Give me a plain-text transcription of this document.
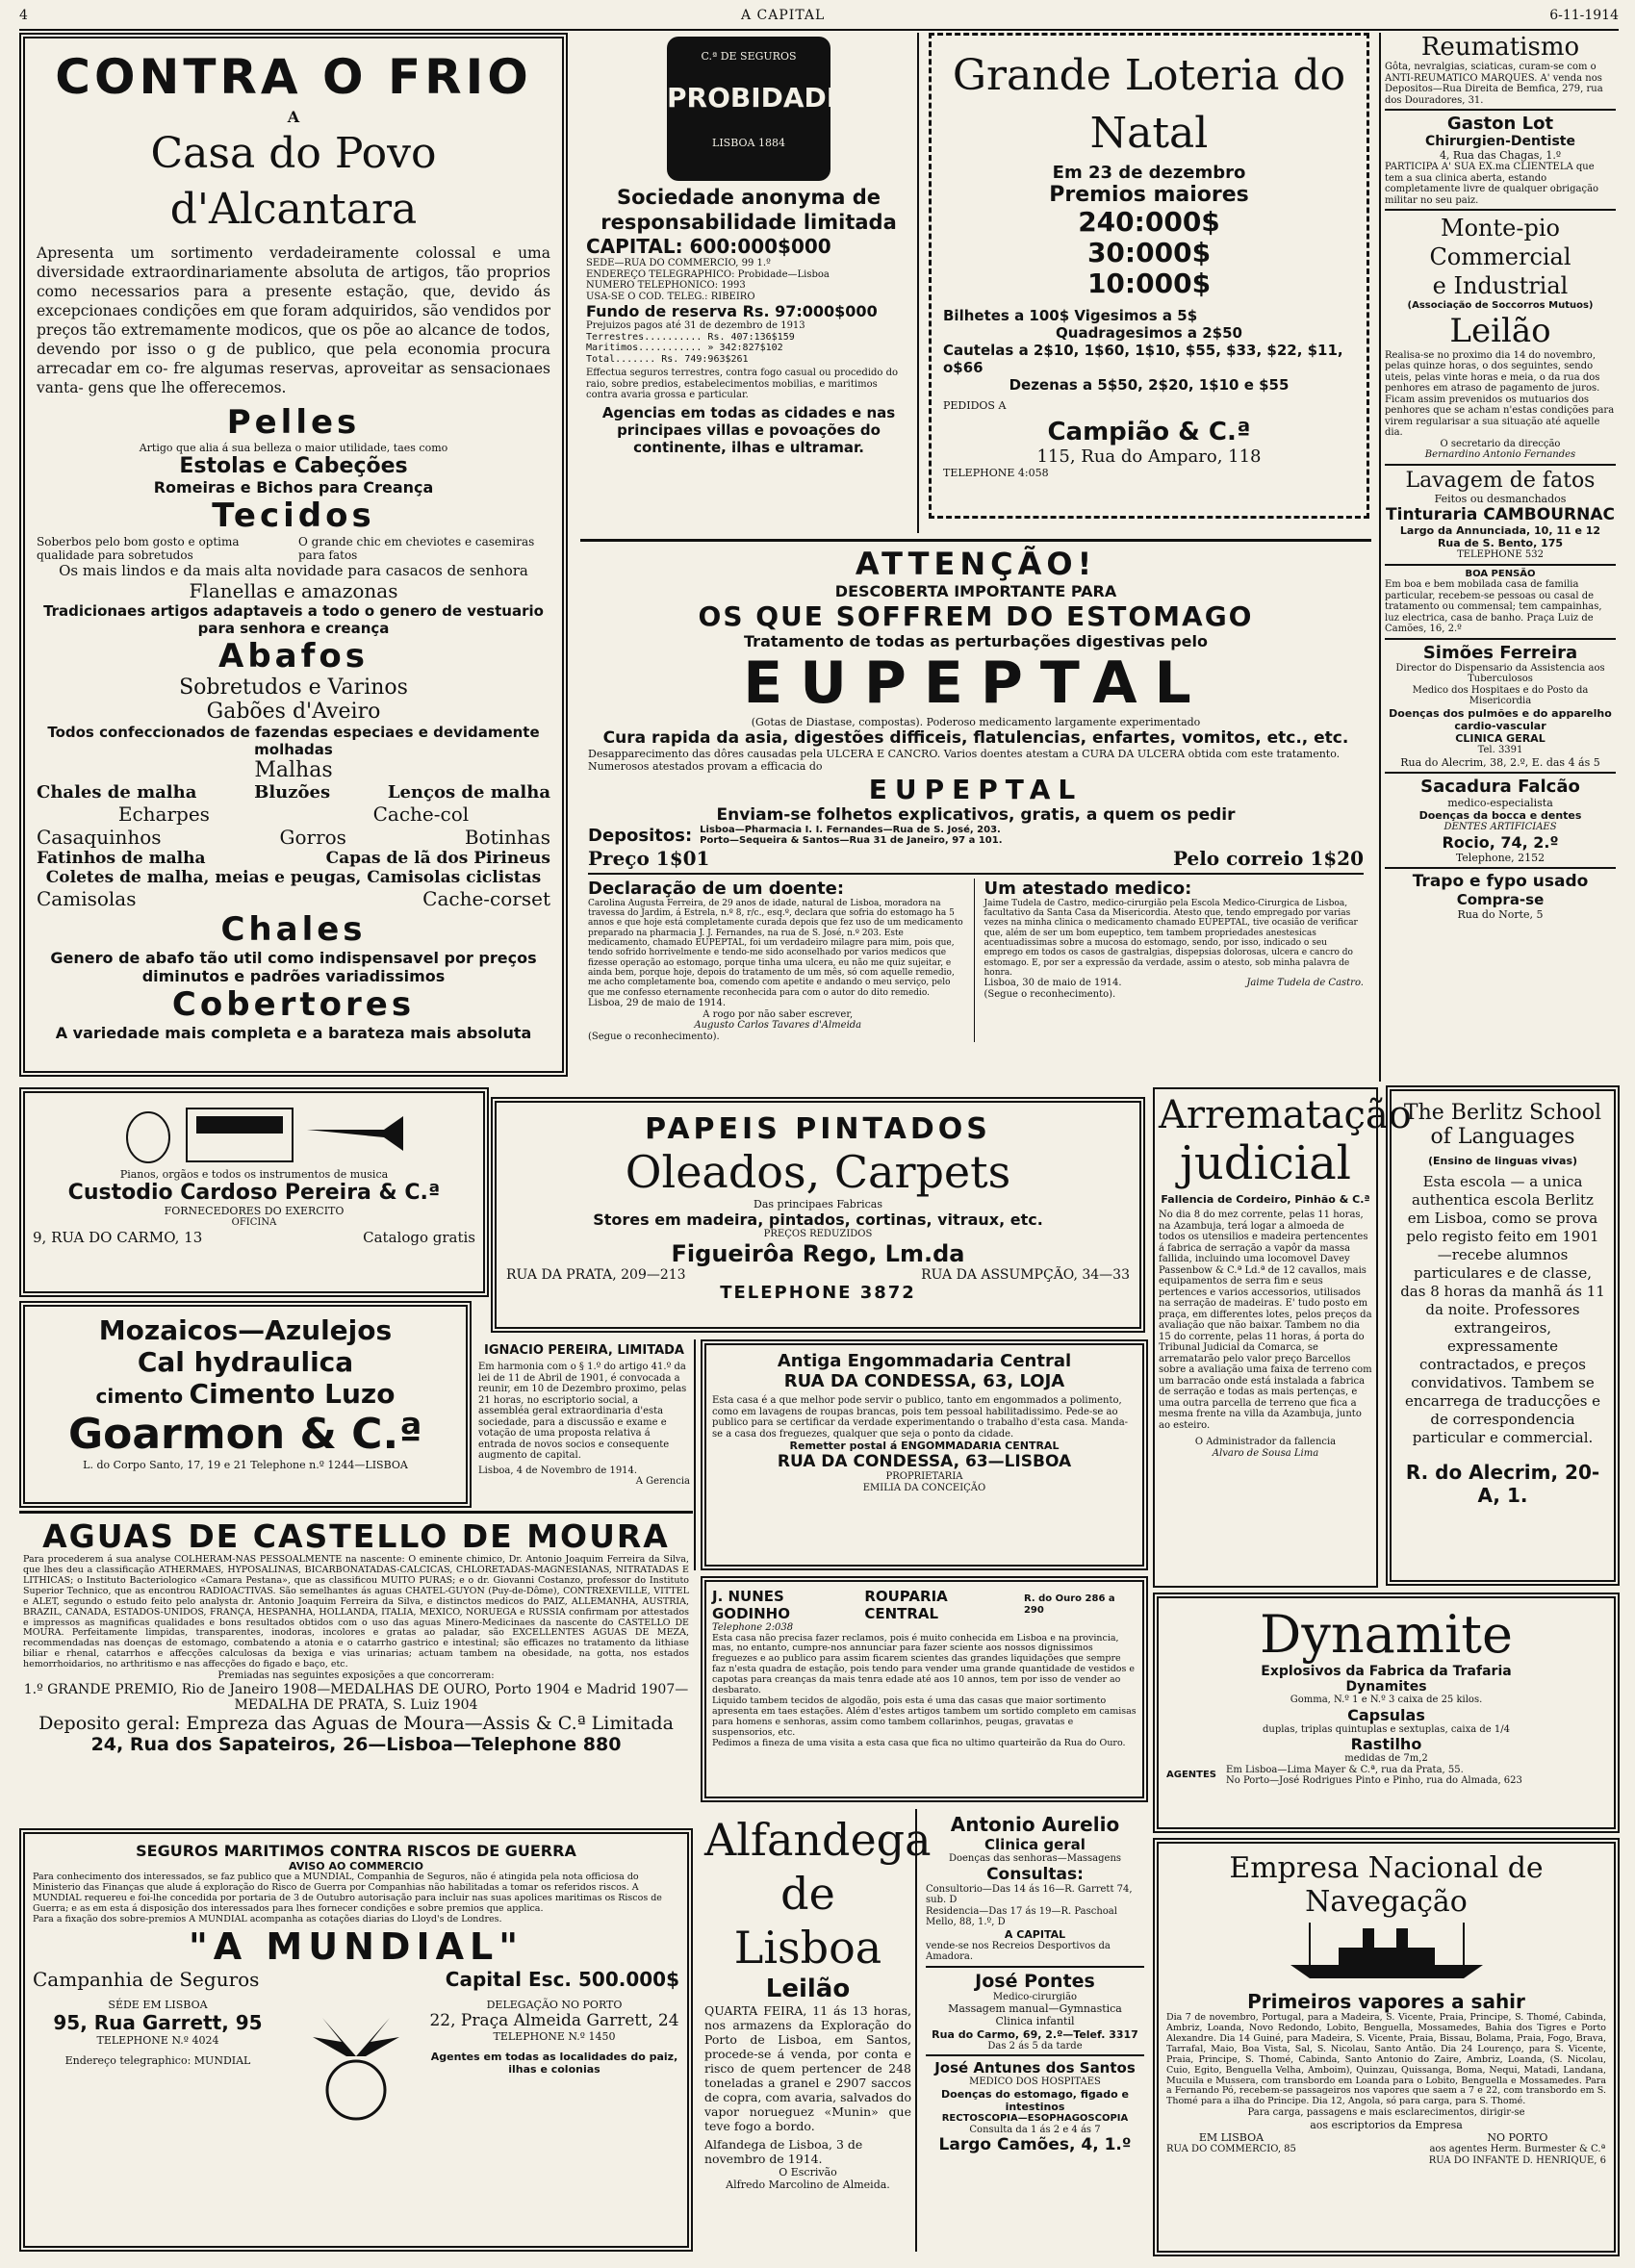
4	A CAPITAL	6-11-1914
CONTRA O FRIO
A
Casa do Povo d'Alcantara

Apresenta um sortimento verdadeiramente colossal e uma diversidade extraordinariamente absoluta de artigos, tão proprios como necessarios para a presente estação, que, devido ás excepcionaes condições em que foram adquiridos, são vendidos por preços tão extremamente modicos, que os põe ao alcance de todos, devendo por isso o g de publico, que pela economia procura arrecadar em co- fre algumas reservas, aproveitar as sensacionaes vanta- gens que lhe offerecemos.

Pelles
Artigo que alia á sua belleza o maior utilidade, taes como
Estolas e Cabeções
Romeiras e Bichos para Creança
Tecidos
Soberbos pelo bom gosto e optima qualidade para sobretudos
O grande chic em cheviotes e casemiras para fatos
Os mais lindos e da mais alta novidade para casacos de senhora
Flanellas e amazonas
Tradicionaes artigos adaptaveis a todo o genero de vestuario para senhora e creança
Abafos
Sobretudos e Varinos
Gabões d'Aveiro
Todos confeccionados de fazendas especiaes e devidamente molhadas
Malhas
Chales de malha	Bluzões	Lenços de malha
Echarpes	Cache-col
Casaquinhos	Gorros	Botinhas
Fatinhos de malha	Capas de lã dos Pirineus
Coletes de malha, meias e peugas, Camisolas ciclistas
Camisolas	Cache-corset
Chales
Genero de abafo tão util como indispensavel por preços diminutos e padrões variadissimos
Cobertores
A variedade mais completa e a barateza mais absoluta
C.ª DE SEGUROS
PROBIDADE
LISBOA 1884
Sociedade anonyma de responsabilidade limitada
CAPITAL: 600:000$000
SEDE—RUA DO COMMERCIO, 99 1.º
ENDEREÇO TELEGRAPHICO: Probidade—Lisboa
NUMERO TELEPHONICO: 1993
USA-SE O COD. TELEG.: RIBEIRO
Fundo de reserva Rs. 97:000$000
Prejuizos pagos até 31 de dezembro de 1913
Terrestres.......... Rs. 407:136$159
Maritimos........... » 342:827$102
Total....... Rs. 749:963$261
Effectua seguros terrestres, contra fogo casual ou procedido do raio, sobre predios, estabelecimentos mobilias, e maritimos contra avaria grossa e particular.
Agencias em todas as cidades e nas principaes villas e povoações do continente, ilhas e ultramar.
Grande Loteria do Natal
Em 23 de dezembro
Premios maiores
240:000$
30:000$
10:000$
Bilhetes a 100$ Vigesimos a 5$
Quadragesimos a 2$50
Cautelas a 2$10, 1$60, 1$10, $55, $33, $22, $11, o$66
Dezenas a 5$50, 2$20, 1$10 e $55
PEDIDOS A
Campião & C.ª
115, Rua do Amparo, 118
TELEPHONE 4:058
Reumatismo
Gôta, nevralgias, sciaticas, curam-se com o ANTI-REUMATICO MARQUES. A' venda nos Depositos—Rua Direita de Bemfica, 279, rua dos Douradores, 31.
Gaston Lot
Chirurgien-Dentiste
4, Rua das Chagas, 1.º
PARTICIPA A' SUA EX.ma CLIENTELA que tem a sua clinica aberta, estando completamente livre de qualquer obrigação militar no seu paiz.
Monte-pio Commercial
e Industrial
(Associação de Soccorros Mutuos)
Leilão
Realisa-se no proximo dia 14 do novembro, pelas quinze horas, o dos seguintes, sendo uteis, pelas vinte horas e meia, o da rua dos penhores em atraso de pagamento de juros. Ficam assim prevenidos os mutuarios dos penhores que se acham n'estas condições para virem regularisar a sua situação até aquelle dia.
O secretario da direcção
Bernardino Antonio Fernandes
Lavagem de fatos
Feitos ou desmanchados
Tinturaria CAMBOURNAC
Largo da Annunciada, 10, 11 e 12
Rua de S. Bento, 175
TELEPHONE 532
BOA PENSÃO
Em boa e bem mobilada casa de familia particular, recebem-se pessoas ou casal de tratamento ou commensal; tem campainhas, luz electrica, casa de banho. Praça Luiz de Camões, 16, 2.º
Simões Ferreira
Director do Dispensario da Assistencia aos Tuberculosos
Medico dos Hospitaes e do Posto da Misericordia
Doenças dos pulmões e do apparelho cardio-vascular
CLINICA GERAL
Tel. 3391
Rua do Alecrim, 38, 2.º, E. das 4 ás 5
Sacadura Falcão
medico-especialista
Doenças da bocca e dentes
DENTES ARTIFICIAES
Rocio, 74, 2.º
Telephone, 2152
Trapo e fypo usado
Compra-se
Rua do Norte, 5
ATTENÇÃO!
DESCOBERTA IMPORTANTE PARA
OS QUE SOFFREM DO ESTOMAGO
Tratamento de todas as perturbações digestivas pelo
EUPEPTAL
(Gotas de Diastase, compostas). Poderoso medicamento largamente experimentado
Cura rapida da asia, digestões difficeis, flatulencias, enfartes, vomitos, etc., etc.
Desapparecimento das dôres causadas pela ULCERA E CANCRO. Varios doentes atestam a CURA DA ULCERA obtida com este tratamento. Numerosos atestados provam a efficacia do
EUPEPTAL
Enviam-se folhetos explicativos, gratis, a quem os pedir
Depositos: Lisboa—Pharmacia I. I. Fernandes—Rua de S. José, 203.
Porto—Sequeira & Santos—Rua 31 de Janeiro, 97 a 101.
Preço 1$01	Pelo correio 1$20
Declaração de um doente:
Carolina Augusta Ferreira, de 29 anos de idade, natural de Lisboa, moradora na travessa do Jardim, á Estrela, n.º 8, r/c., esq.º, declara que sofria do estomago ha 5 annos e que hoje está completamente curada depois que fez uso de um medicamento preparado na pharmacia J. J. Fernandes, na rua de S. José, n.º 203. Este medicamento, chamado EUPEPTAL, foi um verdadeiro milagre para mim, pois que, tendo sofrido horrivelmente e tendo-me sido aconselhado por varios medicos que fizesse operação ao estomago, porque tinha uma ulcera, eu não me quiz sujeitar, e ainda bem, porque hoje, depois do tratamento de um mês, só com aquelle remedio, me acho completamente boa, comendo com apetite e andando o meu serviço, pelo que me confesso eternamente reconhecida para com o autor do dito remedio.
Lisboa, 29 de maio de 1914.
A rogo por não saber escrever,
Augusto Carlos Tavares d'Almeida
(Segue o reconhecimento).
Um atestado medico:
Jaime Tudela de Castro, medico-cirurgião pela Escola Medico-Cirurgica de Lisboa, facultativo da Santa Casa da Misericordia. Atesto que, tendo empregado por varias vezes na minha clinica o medicamento chamado EUPEPTAL, tive ocasião de verificar que, além de ser um bom eupeptico, tem tambem propriedades anestesicas acentuadissimas sobre a mucosa do estomago, sendo, por isso, indicado o seu emprego em todos os casos de gastralgias, dispepsias dolorosas, ulcera e cancro do estomago. E, por ser a expressão da verdade, assim o atesto, sob minha palavra de honra.
Lisboa, 30 de maio de 1914.	Jaime Tudela de Castro.
(Segue o reconhecimento).
Pianos, orgãos e todos os instrumentos de musica
Custodio Cardoso Pereira & C.ª
FORNECEDORES DO EXERCITO
OFICINA
9, RUA DO CARMO, 13	Catalogo gratis
PAPEIS PINTADOS
Oleados, Carpets
Das principaes Fabricas
Stores em madeira, pintados, cortinas, vitraux, etc.
PREÇOS REDUZIDOS
Figueirôa Rego, Lm.da
RUA DA PRATA, 209—213	RUA DA ASSUMPÇÃO, 34—33
TELEPHONE 3872
Arrematação
judicial
Fallencia de Cordeiro, Pinhão & C.ª
No dia 8 do mez corrente, pelas 11 horas, na Azambuja, terá logar a almoeda de todos os utensilios e madeira pertencentes á fabrica de serração a vapôr da massa fallida, incluindo uma locomovel Davey Passenbow & C.ª Ld.ª de 12 cavallos, mais equipamentos de serra fim e seus pertences e varios accessorios, utilisados na serração de madeiras. E' tudo posto em praça, em differentes lotes, pelos preços da avaliação que não baixar. Tambem no dia 15 do corrente, pelas 11 horas, á porta do Tribunal Judicial da Comarca, se arrematarão pelo valor preço Barcellos sobre a avaliação uma faixa de terreno com um barracão onde está instalada a fabrica de serração e todas as mais pertenças, e uma outra parcella de terreno que fica a mesma frente na villa da Azambuja, junto ao esteiro.
O Administrador da fallencia
Alvaro de Sousa Lima
The Berlitz School
of Languages
(Ensino de linguas vivas)
Esta escola — a unica authentica escola Berlitz em Lisboa, como se prova pelo registo feito em 1901—recebe alumnos particulares e de classe, das 8 horas da manhã ás 11 da noite. Professores extrangeiros, expressamente contractados, e preços convidativos. Tambem se encarrega de traducções e de correspondencia particular e commercial.
R. do Alecrim, 20-A, 1.
Mozaicos—Azulejos
Cal hydraulica
cimento Cimento Luzo
Goarmon & C.ª
L. do Corpo Santo, 17, 19 e 21 Telephone n.º 1244—LISBOA
IGNACIO PEREIRA, LIMITADA
Em harmonia com o § 1.º do artigo 41.º da lei de 11 de Abril de 1901, é convocada a reunir, em 10 de Dezembro proximo, pelas 21 horas, no escriptorio social, a assembléa geral extraordinaria d'esta sociedade, para a discussão e exame e votação de uma proposta relativa á entrada de novos socios e consequente augmento de capital.
Lisboa, 4 de Novembro de 1914.
A Gerencia
Antiga Engommadaria Central
RUA DA CONDESSA, 63, LOJA
Esta casa é a que melhor pode servir o publico, tanto em engommados a polimento, como em lavagens de roupas brancas, pois tem pessoal habilitadissimo. Pede-se ao publico para se certificar da verdade experimentando o trabalho d'esta casa. Manda-se a casa dos freguezes, qualquer que seja o ponto da cidade.
Remetter postal á ENGOMMADARIA CENTRAL
RUA DA CONDESSA, 63—LISBOA
PROPRIETARIA
EMILIA DA CONCEIÇÃO
AGUAS DE CASTELLO DE MOURA
Para procederem á sua analyse COLHERAM-NAS PESSOALMENTE na nascente: O eminente chimico, Dr. Antonio Joaquim Ferreira da Silva, que lhes deu a classificação ATHERMAES, HYPOSALINAS, BICARBONATADAS-CALCICAS, CHLORETADAS-MAGNESIANAS, NITRATADAS E LITHICAS; o Instituto Bacteriologico «Camara Pestana», que as classificou MUITO PURAS; e o dr. Giovanni Costanzo, professor do Instituto Superior Technico, que as encontrou RADIOACTIVAS. São semelhantes ás aguas CHATEL-GUYON (Puy-de-Dôme), CONTREXEVILLE, VITTEL e ALET, segundo o estudo feito pelo analysta dr. Antonio Joaquim Ferreira da Silva, e distinctos medicos do PAIZ, ALLEMANHA, AUSTRIA, BRAZIL, CANADA, ESTADOS-UNIDOS, FRANÇA, HESPANHA, HOLLANDA, ITALIA, MEXICO, NORUEGA e RUSSIA confirmam por attestados e impressos as magnificas qualidades e bons resultados obtidos com o uso das aguas Minero-Medicinaes da nascente do CASTELLO DE MOURA. Perfeitamente limpidas, transparentes, inodoras, incolores e gratas ao paladar, são EXCELLENTES AGUAS DE MEZA, recommendadas nas doenças de estomago, combatendo a atonia e o catarrho gastrico e intestinal; são efficazes no tratamento da lithiase biliar e rhenal, catarrhos e affecções calculosas da bexiga e vias urinarias; actuam tambem na obesidade, na gotta, nos estados hemorrhoidarios, no arthritismo e nas affecções do figado e baço, etc.
Premiadas nas seguintes exposições a que concorreram:
1.º GRANDE PREMIO, Rio de Janeiro 1908—MEDALHAS DE OURO, Porto 1904 e Madrid 1907—MEDALHA DE PRATA, S. Luiz 1904
Deposito geral: Empreza das Aguas de Moura—Assis & C.ª Limitada
24, Rua dos Sapateiros, 26—Lisboa—Telephone 880
J. NUNES GODINHO
ROUPARIA CENTRAL
R. do Ouro 286 a 290
Telephone 2:038
Esta casa não precisa fazer reclamos, pois é muito conhecida em Lisboa e na provincia, mas, no entanto, cumpre-nos annunciar para fazer sciente aos nossos dignissimos freguezes e ao publico para assim ficarem scientes das grandes liquidações que sempre faz n'esta quadra de estação, pois tendo para vender uma grande quantidade de vestidos e capotas para creanças da mais tenra edade até aos 10 annos, tem por isso de vender ao desbarato.
Liquido tambem tecidos de algodão, pois esta é uma das casas que maior sortimento apresenta em taes estações. Além d'estes artigos tambem um sortido completo em camisas para homens e senhoras, assim como tambem collarinhos, peugas, gravatas e suspensorios, etc.
Pedimos a fineza de uma visita a esta casa que fica no ultimo quarteirão da Rua do Ouro.
Dynamite
Explosivos da Fabrica da Trafaria
Dynamites
Gomma, N.º 1 e N.º 3 caixa de 25 kilos.
Capsulas
duplas, triplas quintuplas e sextuplas, caixa de 1/4
Rastilho
medidas de 7m,2
AGENTES
Em Lisboa—Lima Mayer & C.ª, rua da Prata, 55.
No Porto—José Rodrigues Pinto e Pinho, rua do Almada, 623
SEGUROS MARITIMOS CONTRA RISCOS DE GUERRA
AVISO AO COMMERCIO
Para conhecimento dos interessados, se faz publico que a MUNDIAL, Companhia de Seguros, não é atingida pela nota officiosa do Ministerio das Finanças que alude á exploração do Risco de Guerra por Companhias não habilitadas a tomar os referidos riscos. A MUNDIAL requereu e foi-lhe concedida por portaria de 3 de Outubro autorisação para incluir nas suas apolices maritimas os Riscos de Guerra; e as em esta á disposição dos interessados para lhes fornecer condições e sobre premios que applica.
Para a fixação dos sobre-premios A MUNDIAL acompanha as cotações diarias do Lloyd's de Londres.
"A MUNDIAL"
Campanhia de Seguros	Capital Esc. 500.000$
SÉDE EM LISBOA
95, Rua Garrett, 95
TELEPHONE N.º 4024
Endereço telegraphico: MUNDIAL
DELEGAÇÃO NO PORTO
22, Praça Almeida Garrett, 24
TELEPHONE N.º 1450
Agentes em todas as localidades do paiz, ilhas e colonias
Alfandega
de Lisboa
Leilão
QUARTA FEIRA, 11 ás 13 horas, nos armazens da Exploração do Porto de Lisboa, em Santos, procede-se á venda, por conta e risco de quem pertencer de 248 toneladas a granel e 2907 saccos de copra, com avaria, salvados do vapor norueguez «Munin» que teve fogo a bordo.
Alfandega de Lisboa, 3 de novembro de 1914.
O Escrivão
Alfredo Marcolino de Almeida.
Antonio Aurelio
Clinica geral
Doenças das senhoras—Massagens
Consultas:
Consultorio—Das 14 ás 16—R. Garrett 74, sub. D
Residencia—Das 17 ás 19—R. Paschoal Mello, 88, 1.º, D
A CAPITAL
vende-se nos Recreios Desportivos da Amadora.
José Pontes
Medico-cirurgião
Massagem manual—Gymnastica
Clinica infantil
Rua do Carmo, 69, 2.º—Telef. 3317
Das 2 ás 5 da tarde
José Antunes dos Santos
MEDICO DOS HOSPITAES
Doenças do estomago, figado e intestinos
RECTOSCOPIA—ESOPHAGOSCOPIA
Consulta da 1 ás 2 e 4 ás 7
Largo Camões, 4, 1.º
Empresa Nacional de Navegação
Primeiros vapores a sahir
Dia 7 de novembro, Portugal, para a Madeira, S. Vicente, Praia, Principe, S. Thomé, Cabinda, Ambriz, Loanda, Novo Redondo, Lobito, Benguella, Mossamedes, Bahia dos Tigres e Porto Alexandre. Dia 14 Guiné, para Madeira, S. Vicente, Praia, Bissau, Bolama, Praia, Fogo, Brava, Tarrafal, Maio, Boa Vista, Sal, S. Nicolau, Santo Antão. Dia 24 Lourenço, para S. Vicente, Praia, Principe, S. Thomé, Cabinda, Santo Antonio do Zaire, Ambriz, Loanda, (S. Nicolau, Cuio, Egito, Benguella Velha, Amboim), Quinzau, Quissanga, Boma, Nequi, Matadi, Landana, Mucuila e Mussera, com transbordo em Loanda para o Lobito, Benguella e Mossamedes. Para a Fernando Pó, recebem-se passageiros nos vapores que saem a 7 e 22, com transbordo em S. Thomé para a ilha do Principe. Dia 12, Angola, só para carga, para S. Thomé.
Para carga, passagens e mais esclarecimentos, dirigir-se
aos escriptorios da Empresa
EM LISBOA
RUA DO COMMERCIO, 85
NO PORTO
aos agentes Herm. Burmester & C.ª
RUA DO INFANTE D. HENRIQUE, 6
